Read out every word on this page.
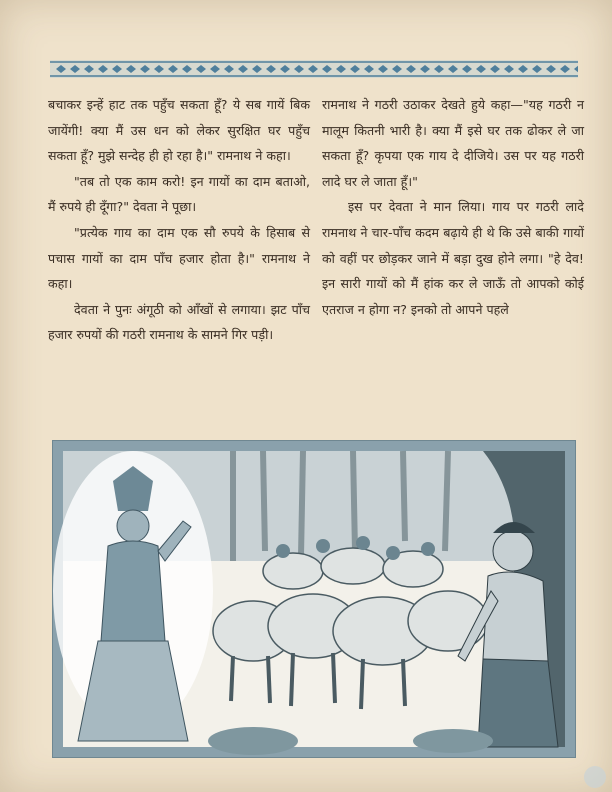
बचाकर इन्हें हाट तक पहुँच सकता हूँ? ये सब गायें बिक जायेंगी! क्या मैं उस धन को लेकर सुरक्षित घर पहुँच सकता हूँ? मुझे सन्देह ही हो रहा है।" रामनाथ ने कहा।

"तब तो एक काम करो! इन गायों का दाम बताओ, मैं रुपये ही दूँगा?" देवता ने पूछा।

"प्रत्येक गाय का दाम एक सौ रुपये के हिसाब से पचास गायों का दाम पाँच हजार होता है।" रामनाथ ने कहा।

देवता ने पुनः अंगूठी को आँखों से लगाया। झट पाँच हजार रुपयों की गठरी रामनाथ के सामने गिर पड़ी।

रामनाथ ने गठरी उठाकर देखते हुये कहा—"यह गठरी न मालूम कितनी भारी है। क्या मैं इसे घर तक ढोकर ले जा सकता हूँ? कृपया एक गाय दे दीजिये। उस पर यह गठरी लादे घर ले जाता हूँ।"

इस पर देवता ने मान लिया। गाय पर गठरी लादे रामनाथ ने चार-पाँच कदम बढ़ाये ही थे कि उसे बाकी गायों को वहीं पर छोड़कर जाने में बड़ा दुख होने लगा। "हे देव! इन सारी गायों को मैं हांक कर ले जाऊँ तो आपको कोई एतराज न होगा न? इनको तो आपने पहले
